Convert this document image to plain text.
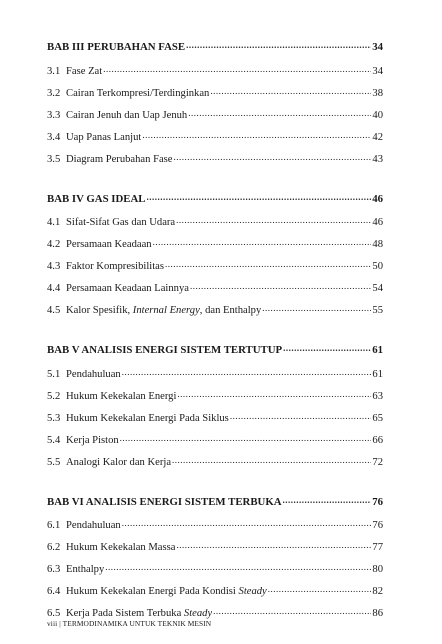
BAB III PERUBAHAN FASE .....	34
3.1 Fase Zat .....	34
3.2 Cairan Terkompresi/Terdinginkan .....	38
3.3 Cairan Jenuh dan Uap Jenuh .....	40
3.4 Uap Panas Lanjut .....	42
3.5 Diagram Perubahan Fase .....	43
BAB IV GAS IDEAL .....	46
4.1 Sifat-Sifat Gas dan Udara .....	46
4.2 Persamaan Keadaan .....	48
4.3 Faktor Kompresibilitas .....	50
4.4 Persamaan Keadaan Lainnya .....	54
4.5 Kalor Spesifik, Internal Energy, dan Enthalpy .....	55
BAB V ANALISIS ENERGI SISTEM TERTUTUP .....	61
5.1 Pendahuluan .....	61
5.2 Hukum Kekekalan Energi .....	63
5.3 Hukum Kekekalan Energi Pada Siklus .....	65
5.4 Kerja Piston .....	66
5.5 Analogi Kalor dan Kerja .....	72
BAB VI ANALISIS ENERGI SISTEM TERBUKA .....	76
6.1 Pendahuluan .....	76
6.2 Hukum Kekekalan Massa .....	77
6.3 Enthalpy .....	80
6.4 Hukum Kekekalan Energi Pada Kondisi Steady .....	82
6.5 Kerja Pada Sistem Terbuka Steady .....	86
viii | TERMODINAMIKA UNTUK TEKNIK MESIN
